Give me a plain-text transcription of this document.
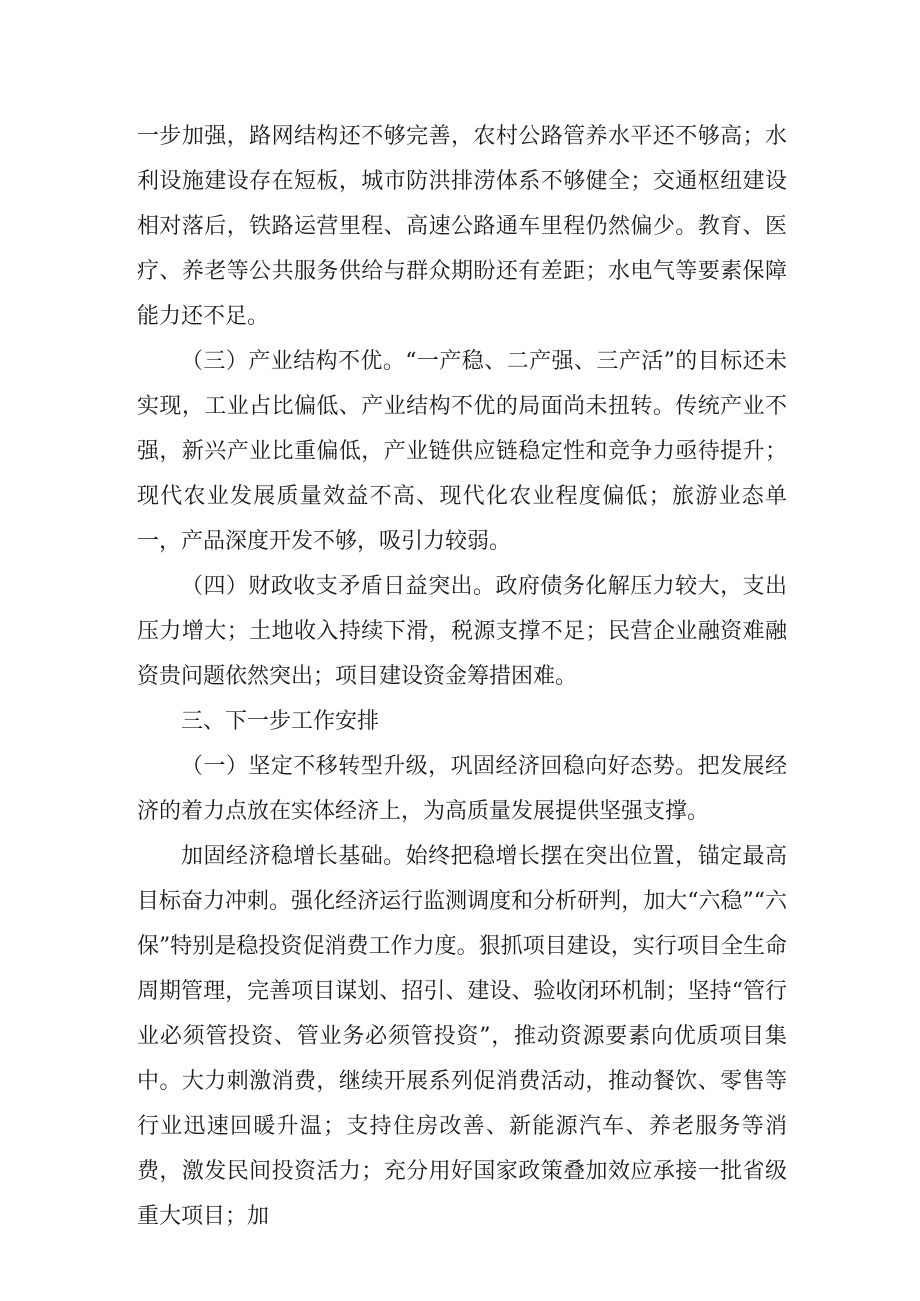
一步加强，路网结构还不够完善，农村公路管养水平还不够高；水利设施建设存在短板，城市防洪排涝体系不够健全；交通枢纽建设相对落后，铁路运营里程、高速公路通车里程仍然偏少。教育、医疗、养老等公共服务供给与群众期盼还有差距；水电气等要素保障能力还不足。

（三）产业结构不优。“一产稳、二产强、三产活”的目标还未实现，工业占比偏低、产业结构不优的局面尚未扭转。传统产业不强，新兴产业比重偏低，产业链供应链稳定性和竞争力亟待提升；现代农业发展质量效益不高、现代化农业程度偏低；旅游业态单一，产品深度开发不够，吸引力较弱。

（四）财政收支矛盾日益突出。政府债务化解压力较大，支出压力增大；土地收入持续下滑，税源支撑不足；民营企业融资难融资贵问题依然突出；项目建设资金筹措困难。

三、下一步工作安排

（一）坚定不移转型升级，巩固经济回稳向好态势。把发展经济的着力点放在实体经济上，为高质量发展提供坚强支撑。

加固经济稳增长基础。始终把稳增长摆在突出位置，锚定最高目标奋力冲刺。强化经济运行监测调度和分析研判，加大“六稳”“六保”特别是稳投资促消费工作力度。狠抓项目建设，实行项目全生命周期管理，完善项目谋划、招引、建设、验收闭环机制；坚持“管行业必须管投资、管业务必须管投资”，推动资源要素向优质项目集中。大力刺激消费，继续开展系列促消费活动，推动餐饮、零售等行业迅速回暖升温；支持住房改善、新能源汽车、养老服务等消费，激发民间投资活力；充分用好国家政策叠加效应承接一批省级重大项目；加
